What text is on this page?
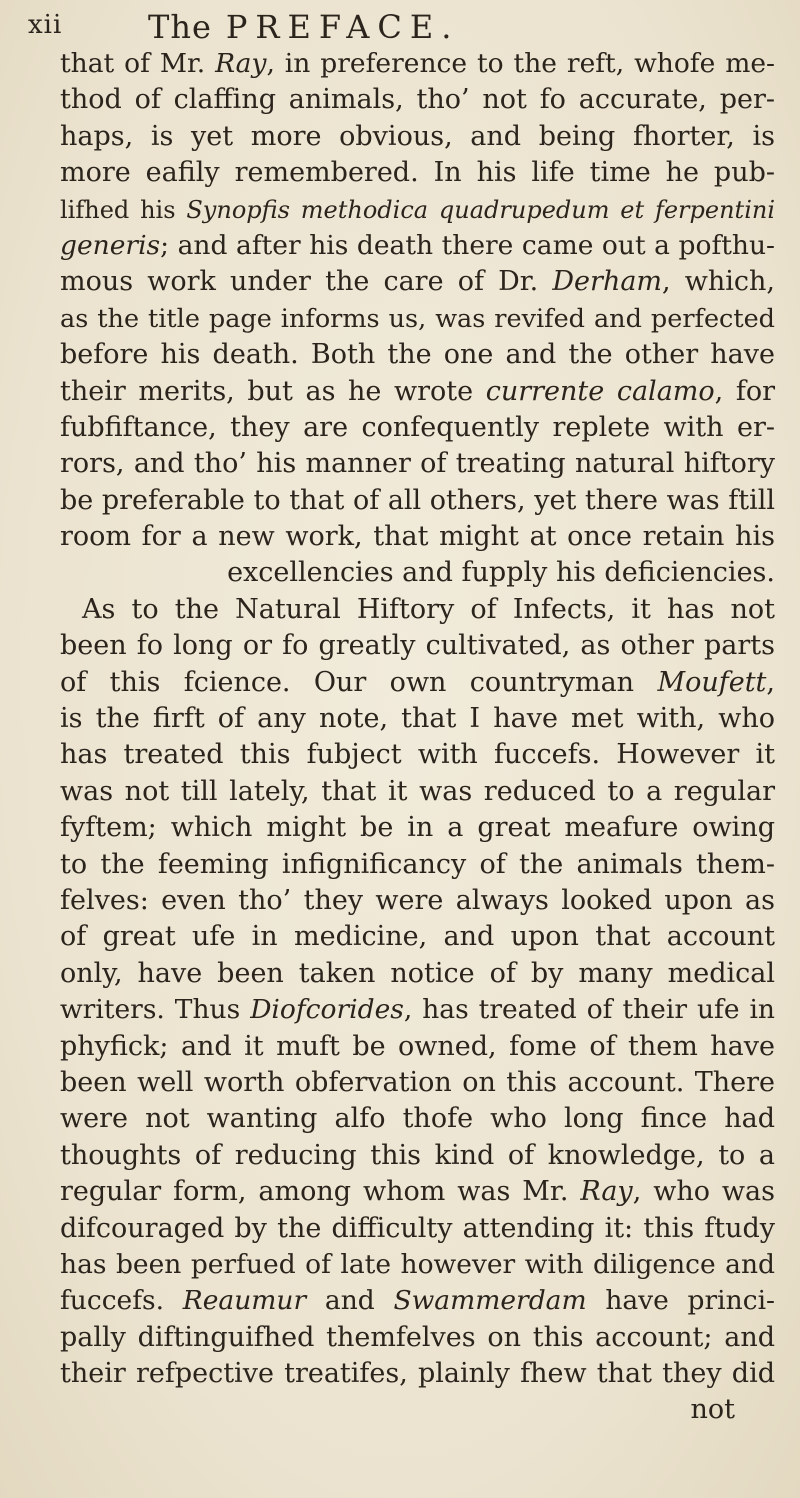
xii	The PREFACE.
that of Mr. Ray, in preference to the reft, whofe me-
thod of claffing animals, tho’ not fo accurate, per-
haps, is yet more obvious, and being fhorter, is
more eafily remembered. In his life time he pub-
lifhed his Synopfis methodica quadrupedum et ferpentini
generis; and after his death there came out a pofthu-
mous work under the care of Dr. Derham, which,
as the title page informs us, was revifed and perfected
before his death. Both the one and the other have
their merits, but as he wrote currente calamo, for
fubfiftance, they are confequently replete with er-
rors, and tho’ his manner of treating natural hiftory
be preferable to that of all others, yet there was ftill
room for a new work, that might at once retain his
excellencies and fupply his deficiencies.
As to the Natural Hiftory of Infects, it has not
been fo long or fo greatly cultivated, as other parts
of this fcience. Our own countryman Moufett,
is the firft of any note, that I have met with, who
has treated this fubject with fuccefs. However it
was not till lately, that it was reduced to a regular
fyftem; which might be in a great meafure owing
to the feeming infignificancy of the animals them-
felves: even tho’ they were always looked upon as
of great ufe in medicine, and upon that account
only, have been taken notice of by many medical
writers. Thus Diofcorides, has treated of their ufe in
phyfick; and it muft be owned, fome of them have
been well worth obfervation on this account. There
were not wanting alfo thofe who long fince had
thoughts of reducing this kind of knowledge, to a
regular form, among whom was Mr. Ray, who was
difcouraged by the difficulty attending it: this ftudy
has been perfued of late however with diligence and
fuccefs. Reaumur and Swammerdam have princi-
pally diftinguifhed themfelves on this account; and
their refpective treatifes, plainly fhew that they did
not
